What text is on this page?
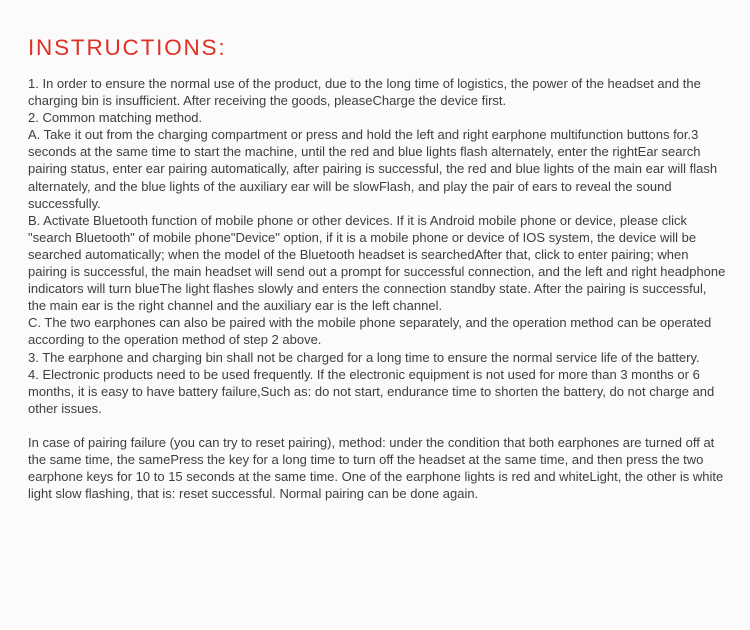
INSTRUCTIONS:

1. In order to ensure the normal use of the product, due to the long time of logistics, the power of the headset and the charging bin is insufficient. After receiving the goods, pleaseCharge the device first.

2. Common matching method.

A. Take it out from the charging compartment or press and hold the left and right earphone multifunction buttons for.3 seconds at the same time to start the machine, until the red and blue lights flash alternately, enter the rightEar search pairing status, enter ear pairing automatically, after pairing is successful, the red and blue lights of the main ear will flash alternately, and the blue lights of the auxiliary ear will be slowFlash, and play the pair of ears to reveal the sound successfully.

B. Activate Bluetooth function of mobile phone or other devices. If it is Android mobile phone or device, please click "search Bluetooth" of mobile phone"Device" option, if it is a mobile phone or device of IOS system, the device will be searched automatically; when the model of the Bluetooth headset is searchedAfter that, click to enter pairing; when pairing is successful, the main headset will send out a prompt for successful connection, and the left and right headphone indicators will turn blueThe light flashes slowly and enters the connection standby state. After the pairing is successful, the main ear is the right channel and the auxiliary ear is the left channel.

C. The two earphones can also be paired with the mobile phone separately, and the operation method can be operated according to the operation method of step 2 above.

3. The earphone and charging bin shall not be charged for a long time to ensure the normal service life of the battery.

4. Electronic products need to be used frequently. If the electronic equipment is not used for more than 3 months or 6 months, it is easy to have battery failure,Such as: do not start, endurance time to shorten the battery, do not charge and other issues.

In case of pairing failure (you can try to reset pairing), method: under the condition that both earphones are turned off at the same time, the samePress the key for a long time to turn off the headset at the same time, and then press the two earphone keys for 10 to 15 seconds at the same time. One of the earphone lights is red and whiteLight, the other is white light slow flashing, that is: reset successful. Normal pairing can be done again.
